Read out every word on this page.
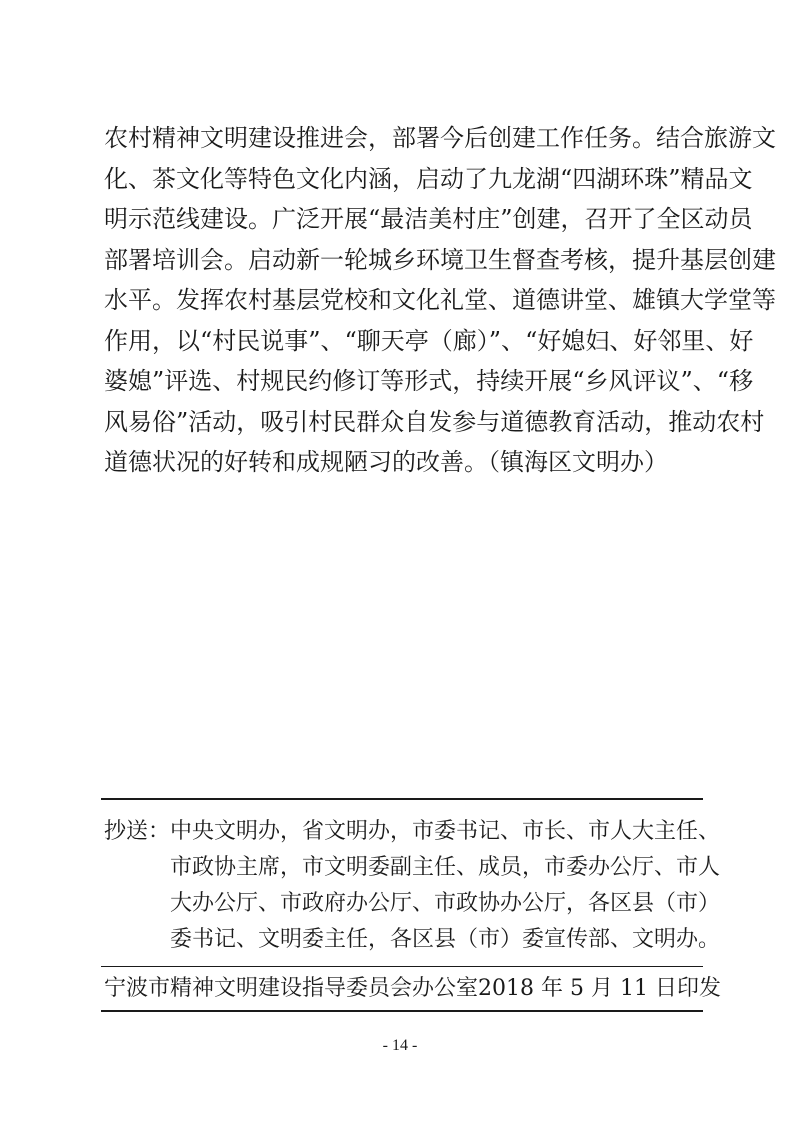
农村精神文明建设推进会，部署今后创建工作任务。结合旅游文
化、茶文化等特色文化内涵，启动了九龙湖“四湖环珠”精品文
明示范线建设。广泛开展“最洁美村庄”创建，召开了全区动员
部署培训会。启动新一轮城乡环境卫生督查考核，提升基层创建
水平。发挥农村基层党校和文化礼堂、道德讲堂、雄镇大学堂等
作用，以“村民说事”、“聊天亭（廊）”、“好媳妇、好邻里、好
婆媳”评选、村规民约修订等形式，持续开展“乡风评议”、“移
风易俗”活动，吸引村民群众自发参与道德教育活动，推动农村
道德状况的好转和成规陋习的改善。（镇海区文明办）
抄送：中央文明办，省文明办，市委书记、市长、市人大主任、
市政协主席，市文明委副主任、成员，市委办公厅、市人
大办公厅、市政府办公厅、市政协办公厅，各区县（市）
委书记、文明委主任，各区县（市）委宣传部、文明办。
宁波市精神文明建设指导委员会办公室 2018 年 5 月 11 日印发
- 14 -
